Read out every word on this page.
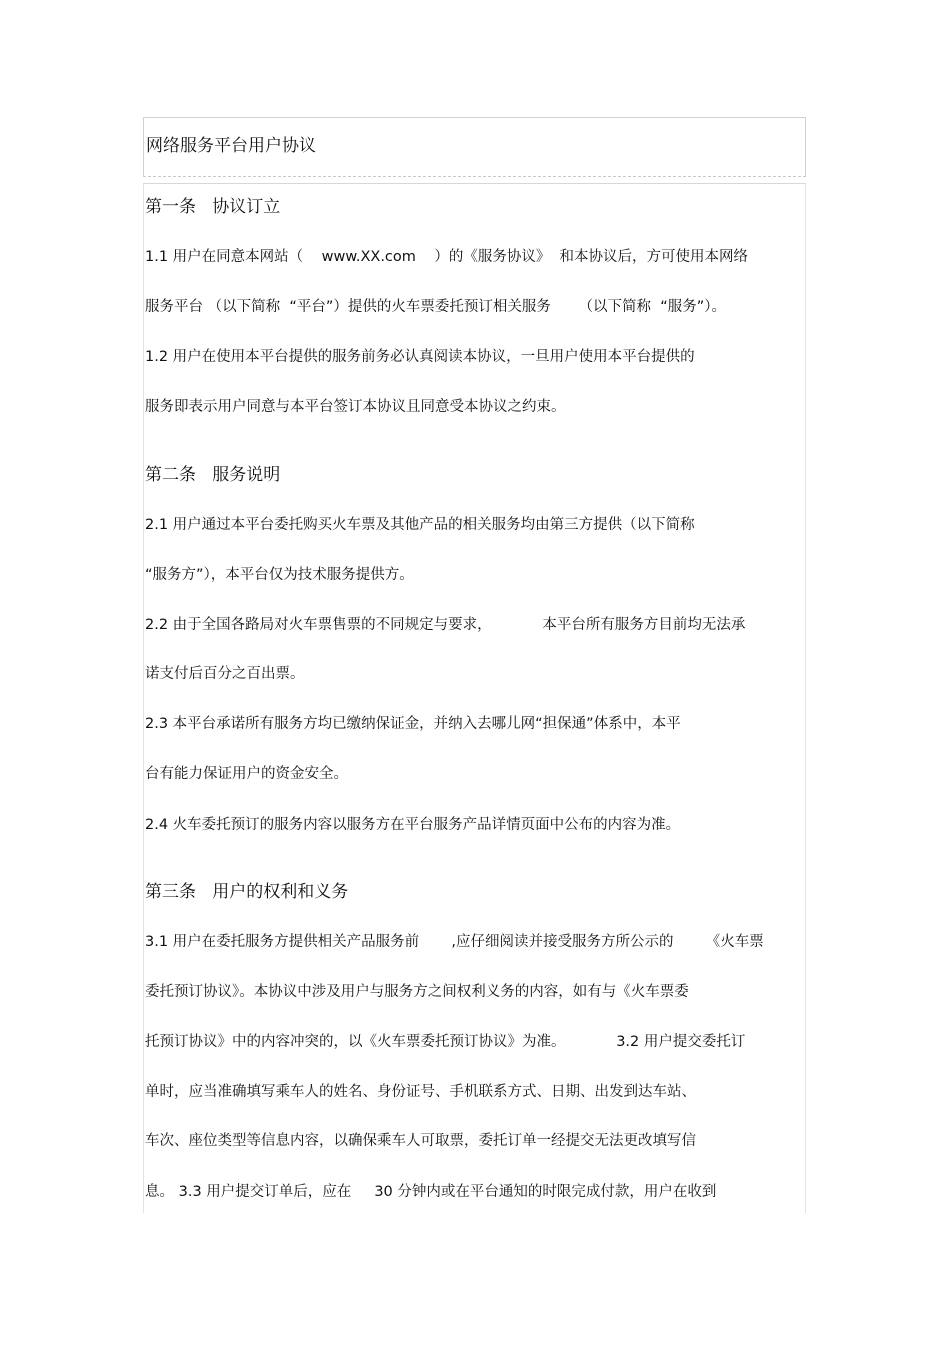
网络服务平台用户协议
第一条   协议订立
1.1 用户在同意本网站（    www.XX.com    ）的《服务协议》  和本协议后，方可使用本网络
服务平台 （以下简称  “平台”）提供的火车票委托预订相关服务      （以下简称  “服务”）。
1.2 用户在使用本平台提供的服务前务必认真阅读本协议，一旦用户使用本平台提供的
服务即表示用户同意与本平台签订本协议且同意受本协议之约束。
第二条   服务说明
2.1 用户通过本平台委托购买火车票及其他产品的相关服务均由第三方提供（以下简称
“服务方”），本平台仅为技术服务提供方。
2.2 由于全国各路局对火车票售票的不同规定与要求，           本平台所有服务方目前均无法承
诺支付后百分之百出票。
2.3 本平台承诺所有服务方均已缴纳保证金，并纳入去哪儿网“担保通”体系中，本平
台有能力保证用户的资金安全。
2.4 火车委托预订的服务内容以服务方在平台服务产品详情页面中公布的内容为准。
第三条   用户的权利和义务
3.1 用户在委托服务方提供相关产品服务前       ,应仔细阅读并接受服务方所公示的       《火车票
委托预订协议》。本协议中涉及用户与服务方之间权利义务的内容，如有与《火车票委
托预订协议》中的内容冲突的，以《火车票委托预订协议》为准。           3.2 用户提交委托订
单时，应当准确填写乘车人的姓名、身份证号、手机联系方式、日期、出发到达车站、
车次、座位类型等信息内容，以确保乘车人可取票，委托订单一经提交无法更改填写信
息。 3.3 用户提交订单后，应在     30 分钟内或在平台通知的时限完成付款，用户在收到
